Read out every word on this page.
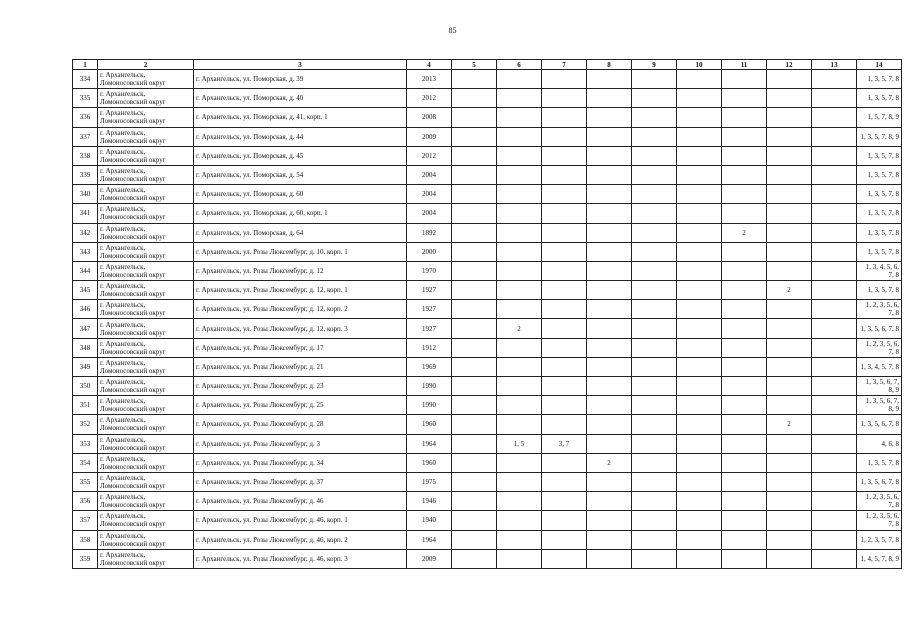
85
1	2	3	4	5	6	7	8	9	10	11	12	13	14
334	г. Архангельск, Ломоносовский округ	г. Архангельск, ул. Поморская, д. 39	2013										1, 3, 5, 7, 8
335	г. Архангельск, Ломоносовский округ	г. Архангельск, ул. Поморская, д. 40	2012										1, 3, 5, 7, 8
336	г. Архангельск, Ломоносовский округ	г. Архангельск, ул. Поморская, д. 41, корп. 1	2008										1, 5, 7, 8, 9
337	г. Архангельск, Ломоносовский округ	г. Архангельск, ул. Поморская, д. 44	2009										1, 3, 5, 7, 8, 9
338	г. Архангельск, Ломоносовский округ	г. Архангельск, ул. Поморская, д. 45	2012										1, 3, 5, 7, 8
339	г. Архангельск, Ломоносовский округ	г. Архангельск, ул. Поморская, д. 54	2004										1, 3, 5, 7, 8
340	г. Архангельск, Ломоносовский округ	г. Архангельск, ул. Поморская, д. 60	2004										1, 3, 5, 7, 8
341	г. Архангельск, Ломоносовский округ	г. Архангельск, ул. Поморская, д. 60, корп. 1	2004										1, 3, 5, 7, 8
342	г. Архангельск, Ломоносовский округ	г. Архангельск, ул. Поморская, д. 64	1892							2			1, 3, 5, 7, 8
343	г. Архангельск, Ломоносовский округ	г. Архангельск, ул. Розы Люксембург, д. 10, корп. 1	2000										1, 3, 5, 7, 8
344	г. Архангельск, Ломоносовский округ	г. Архангельск, ул. Розы Люксембург, д. 12	1970										1, 3, 4, 5, 6, 7, 8
345	г. Архангельск, Ломоносовский округ	г. Архангельск, ул. Розы Люксембург, д. 12, корп. 1	1927								2		1, 3, 5, 7, 8
346	г. Архангельск, Ломоносовский округ	г. Архангельск, ул. Розы Люксембург, д. 12, корп. 2	1927										1, 2, 3, 5, 6, 7, 8
347	г. Архангельск, Ломоносовский округ	г. Архангельск, ул. Розы Люксембург, д. 12, корп. 3	1927		2								1, 3, 5, 6, 7, 8
348	г. Архангельск, Ломоносовский округ	г. Архангельск, ул. Розы Люксембург, д. 17	1912										1, 2, 3, 5, 6, 7, 8
349	г. Архангельск, Ломоносовский округ	г. Архангельск, ул. Розы Люксембург, д. 21	1969										1, 3, 4, 5, 7, 8
350	г. Архангельск, Ломоносовский округ	г. Архангельск, ул. Розы Люксембург, д. 23	1990										1, 3, 5, 6, 7, 8, 9
351	г. Архангельск, Ломоносовский округ	г. Архангельск, ул. Розы Люксембург, д. 25	1990										1, 3, 5, 6, 7, 8, 9
352	г. Архангельск, Ломоносовский округ	г. Архангельск, ул. Розы Люксембург, д. 28	1960								2		1, 3, 5, 6, 7, 8
353	г. Архангельск, Ломоносовский округ	г. Архангельск, ул. Розы Люксембург, д. 3	1964		1, 5	3, 7							4, 6, 8
354	г. Архангельск, Ломоносовский округ	г. Архангельск, ул. Розы Люксембург, д. 34	1960				2						1, 3, 5, 7, 8
355	г. Архангельск, Ломоносовский округ	г. Архангельск, ул. Розы Люксембург, д. 37	1975										1, 3, 5, 6, 7, 8
356	г. Архангельск, Ломоносовский округ	г. Архангельск, ул. Розы Люксембург, д. 46	1946										1, 2, 3, 5, 6, 7, 8
357	г. Архангельск, Ломоносовский округ	г. Архангельск, ул. Розы Люксембург, д. 46, корп. 1	1940										1, 2, 3, 5, 6, 7, 8
358	г. Архангельск, Ломоносовский округ	г. Архангельск, ул. Розы Люксембург, д. 46, корп. 2	1964										1, 2, 3, 5, 7, 8
359	г. Архангельск, Ломоносовский округ	г. Архангельск, ул. Розы Люксембург, д. 46, корп. 3	2009										1, 4, 5, 7, 8, 9
